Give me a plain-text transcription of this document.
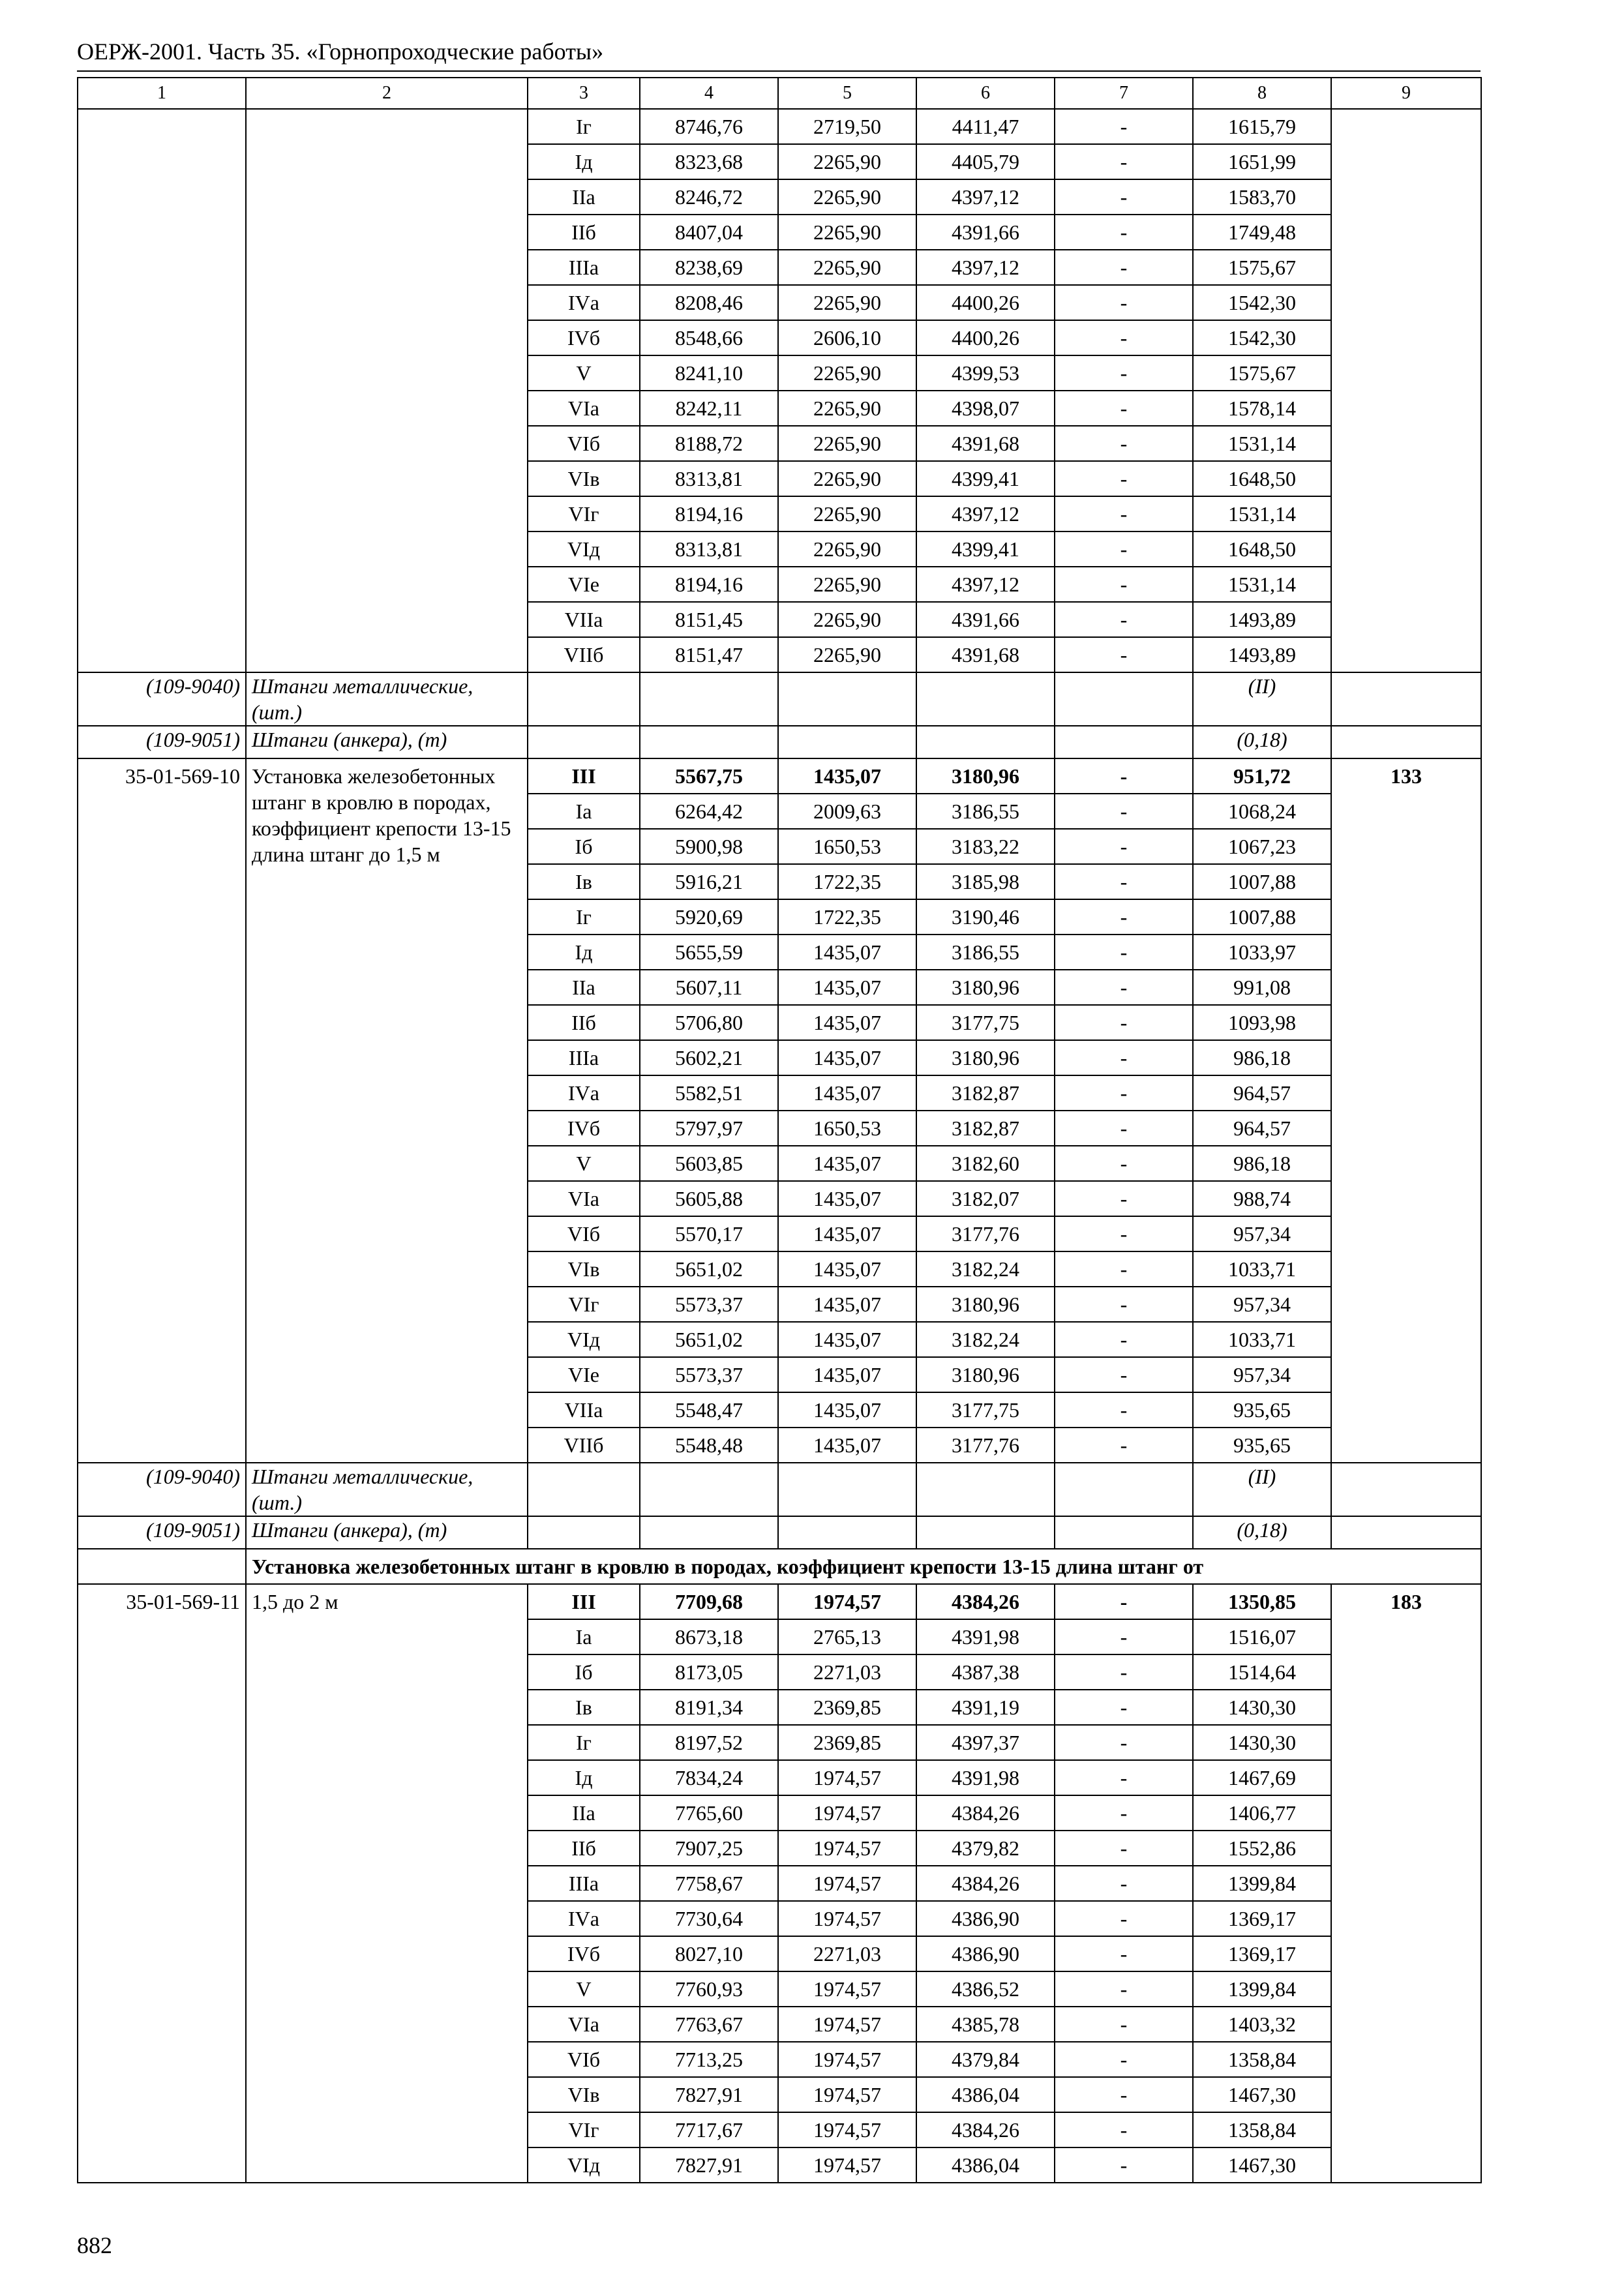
ОЕРЖ-2001. Часть 35. «Горнопроходческие работы»
1	2	3	4	5	6	7	8	9
		Iг	8746,76	2719,50	4411,47	-	1615,79	
		Iд	8323,68	2265,90	4405,79	-	1651,99	
		IIа	8246,72	2265,90	4397,12	-	1583,70	
		IIб	8407,04	2265,90	4391,66	-	1749,48	
		IIIа	8238,69	2265,90	4397,12	-	1575,67	
		IVа	8208,46	2265,90	4400,26	-	1542,30	
		IVб	8548,66	2606,10	4400,26	-	1542,30	
		V	8241,10	2265,90	4399,53	-	1575,67	
		VIа	8242,11	2265,90	4398,07	-	1578,14	
		VIб	8188,72	2265,90	4391,68	-	1531,14	
		VIв	8313,81	2265,90	4399,41	-	1648,50	
		VIг	8194,16	2265,90	4397,12	-	1531,14	
		VIд	8313,81	2265,90	4399,41	-	1648,50	
		VIе	8194,16	2265,90	4397,12	-	1531,14	
		VIIа	8151,45	2265,90	4391,66	-	1493,89	
		VIIб	8151,47	2265,90	4391,68	-	1493,89	
(109-9040)	Штанги металлические, (шт.)						(II)	
(109-9051)	Штанги (анкера), (т)						(0,18)	
35-01-569-10	Установка железобетонных штанг в кровлю в породах, коэффициент крепости 13-15 длина штанг до 1,5 м	III	5567,75	1435,07	3180,96	-	951,72	133
		Iа	6264,42	2009,63	3186,55	-	1068,24	
		Iб	5900,98	1650,53	3183,22	-	1067,23	
		Iв	5916,21	1722,35	3185,98	-	1007,88	
		Iг	5920,69	1722,35	3190,46	-	1007,88	
		Iд	5655,59	1435,07	3186,55	-	1033,97	
		IIа	5607,11	1435,07	3180,96	-	991,08	
		IIб	5706,80	1435,07	3177,75	-	1093,98	
		IIIа	5602,21	1435,07	3180,96	-	986,18	
		IVа	5582,51	1435,07	3182,87	-	964,57	
		IVб	5797,97	1650,53	3182,87	-	964,57	
		V	5603,85	1435,07	3182,60	-	986,18	
		VIа	5605,88	1435,07	3182,07	-	988,74	
		VIб	5570,17	1435,07	3177,76	-	957,34	
		VIв	5651,02	1435,07	3182,24	-	1033,71	
		VIг	5573,37	1435,07	3180,96	-	957,34	
		VIд	5651,02	1435,07	3182,24	-	1033,71	
		VIе	5573,37	1435,07	3180,96	-	957,34	
		VIIа	5548,47	1435,07	3177,75	-	935,65	
		VIIб	5548,48	1435,07	3177,76	-	935,65	
(109-9040)	Штанги металлические, (шт.)						(II)	
(109-9051)	Штанги (анкера), (т)						(0,18)	
	Установка железобетонных штанг в кровлю в породах, коэффициент крепости 13-15 длина штанг от							
35-01-569-11	1,5 до 2 м	III	7709,68	1974,57	4384,26	-	1350,85	183
		Iа	8673,18	2765,13	4391,98	-	1516,07	
		Iб	8173,05	2271,03	4387,38	-	1514,64	
		Iв	8191,34	2369,85	4391,19	-	1430,30	
		Iг	8197,52	2369,85	4397,37	-	1430,30	
		Iд	7834,24	1974,57	4391,98	-	1467,69	
		IIа	7765,60	1974,57	4384,26	-	1406,77	
		IIб	7907,25	1974,57	4379,82	-	1552,86	
		IIIа	7758,67	1974,57	4384,26	-	1399,84	
		IVа	7730,64	1974,57	4386,90	-	1369,17	
		IVб	8027,10	2271,03	4386,90	-	1369,17	
		V	7760,93	1974,57	4386,52	-	1399,84	
		VIа	7763,67	1974,57	4385,78	-	1403,32	
		VIб	7713,25	1974,57	4379,84	-	1358,84	
		VIв	7827,91	1974,57	4386,04	-	1467,30	
		VIг	7717,67	1974,57	4384,26	-	1358,84	
		VIд	7827,91	1974,57	4386,04	-	1467,30	
882
